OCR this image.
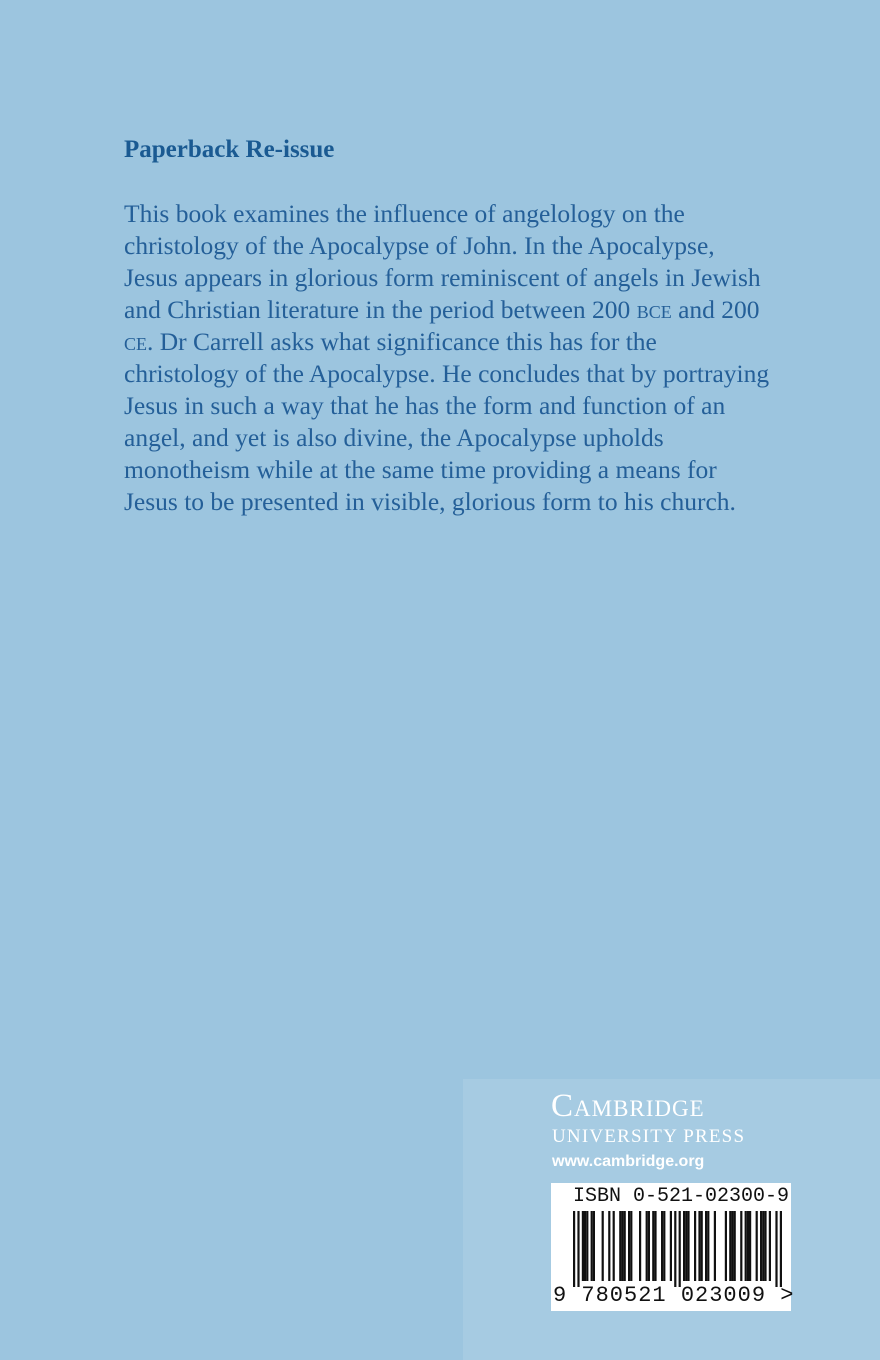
Paperback Re-issue

This book examines the influence of angelology on the christology of the Apocalypse of John. In the Apocalypse, Jesus appears in glorious form reminiscent of angels in Jewish and Christian literature in the period between 200 bce and 200 ce. Dr Carrell asks what significance this has for the christology of the Apocalypse. He concludes that by portraying Jesus in such a way that he has the form and function of an angel, and yet is also divine, the Apocalypse upholds monotheism while at the same time providing a means for Jesus to be presented in visible, glorious form to his church.

Cambridge
UNIVERSITY PRESS
www.cambridge.org
ISBN 0-521-02300-9
9 780521 023009 >
